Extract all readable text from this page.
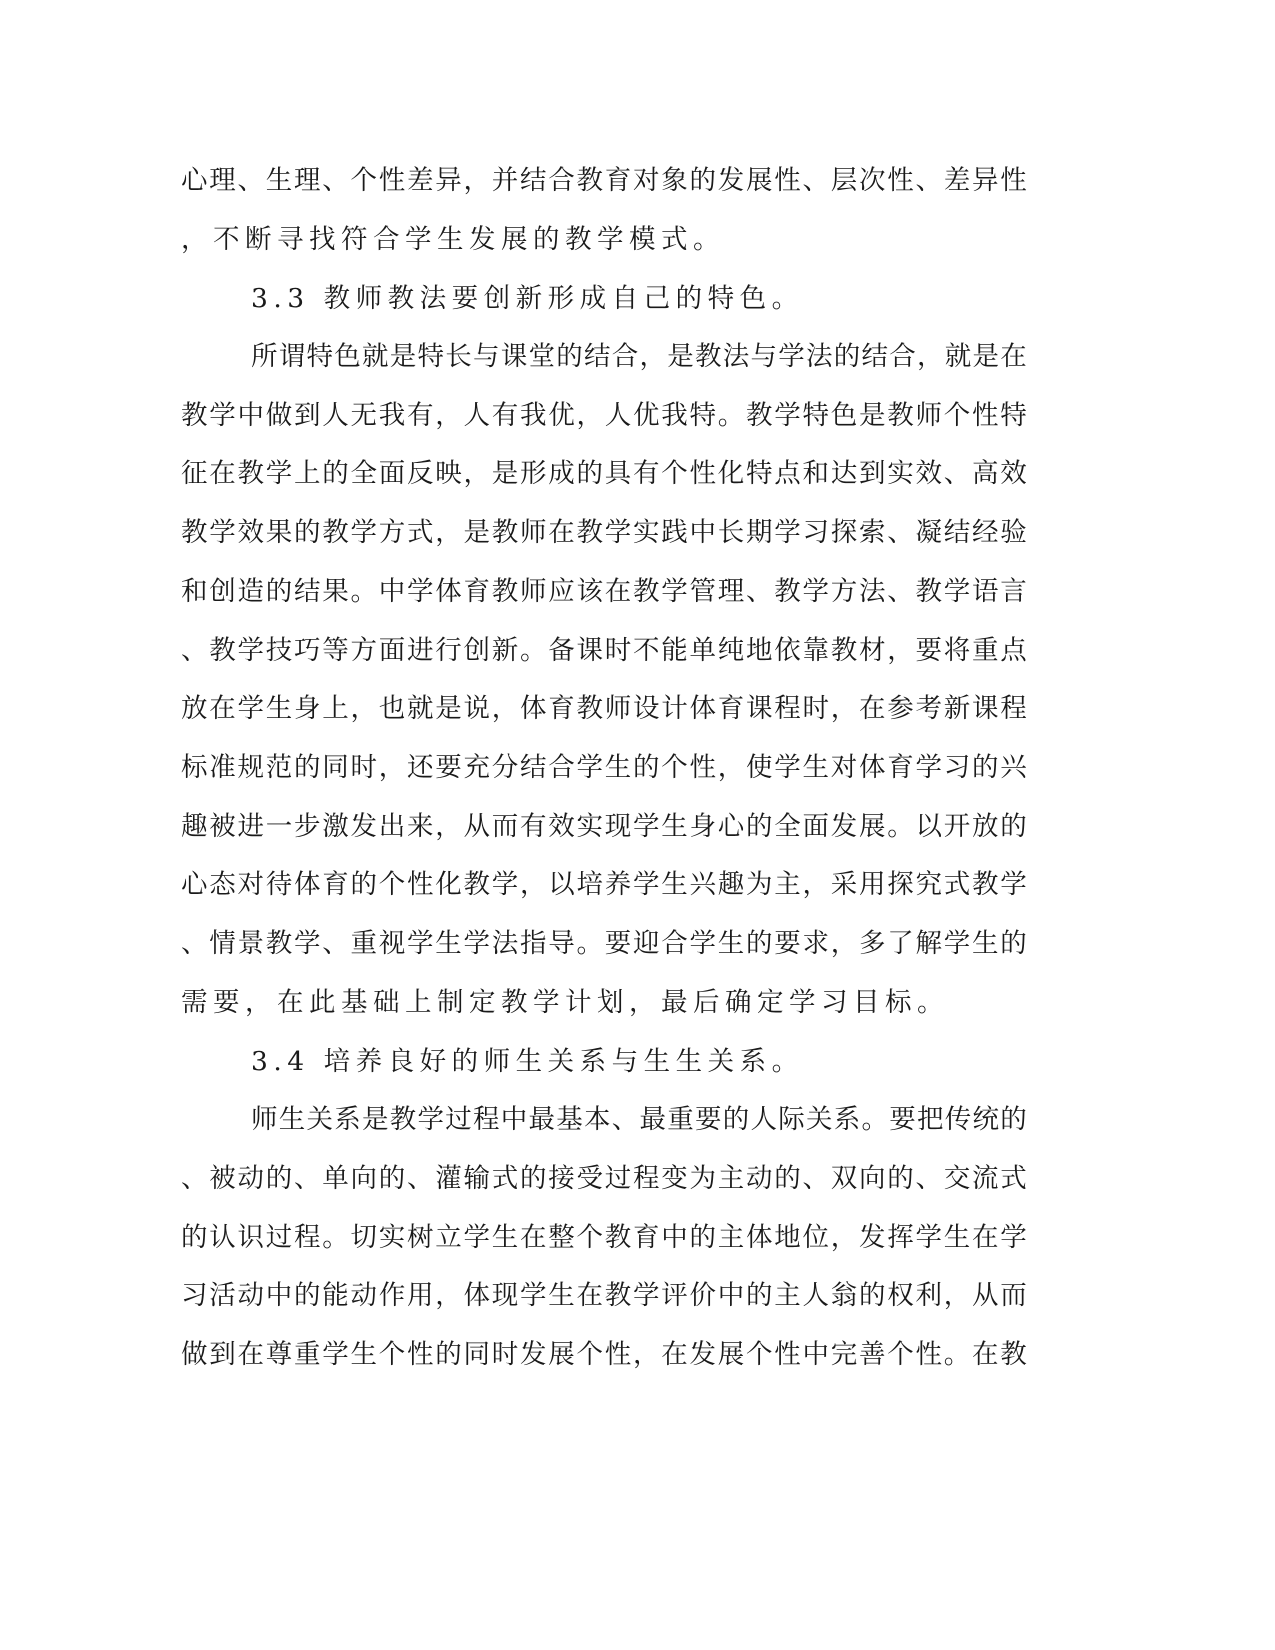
心理、生理、个性差异，并结合教育对象的发展性、层次性、差异性
，不断寻找符合学生发展的教学模式。
3.3 教师教法要创新形成自己的特色。
所谓特色就是特长与课堂的结合，是教法与学法的结合，就是在
教学中做到人无我有，人有我优，人优我特。教学特色是教师个性特
征在教学上的全面反映，是形成的具有个性化特点和达到实效、高效
教学效果的教学方式，是教师在教学实践中长期学习探索、凝结经验
和创造的结果。中学体育教师应该在教学管理、教学方法、教学语言
、教学技巧等方面进行创新。备课时不能单纯地依靠教材，要将重点
放在学生身上，也就是说，体育教师设计体育课程时，在参考新课程
标准规范的同时，还要充分结合学生的个性，使学生对体育学习的兴
趣被进一步激发出来，从而有效实现学生身心的全面发展。以开放的
心态对待体育的个性化教学，以培养学生兴趣为主，采用探究式教学
、情景教学、重视学生学法指导。要迎合学生的要求，多了解学生的
需要，在此基础上制定教学计划，最后确定学习目标。
3.4 培养良好的师生关系与生生关系。
师生关系是教学过程中最基本、最重要的人际关系。要把传统的
、被动的、单向的、灌输式的接受过程变为主动的、双向的、交流式
的认识过程。切实树立学生在整个教育中的主体地位，发挥学生在学
习活动中的能动作用，体现学生在教学评价中的主人翁的权利，从而
做到在尊重学生个性的同时发展个性，在发展个性中完善个性。在教
